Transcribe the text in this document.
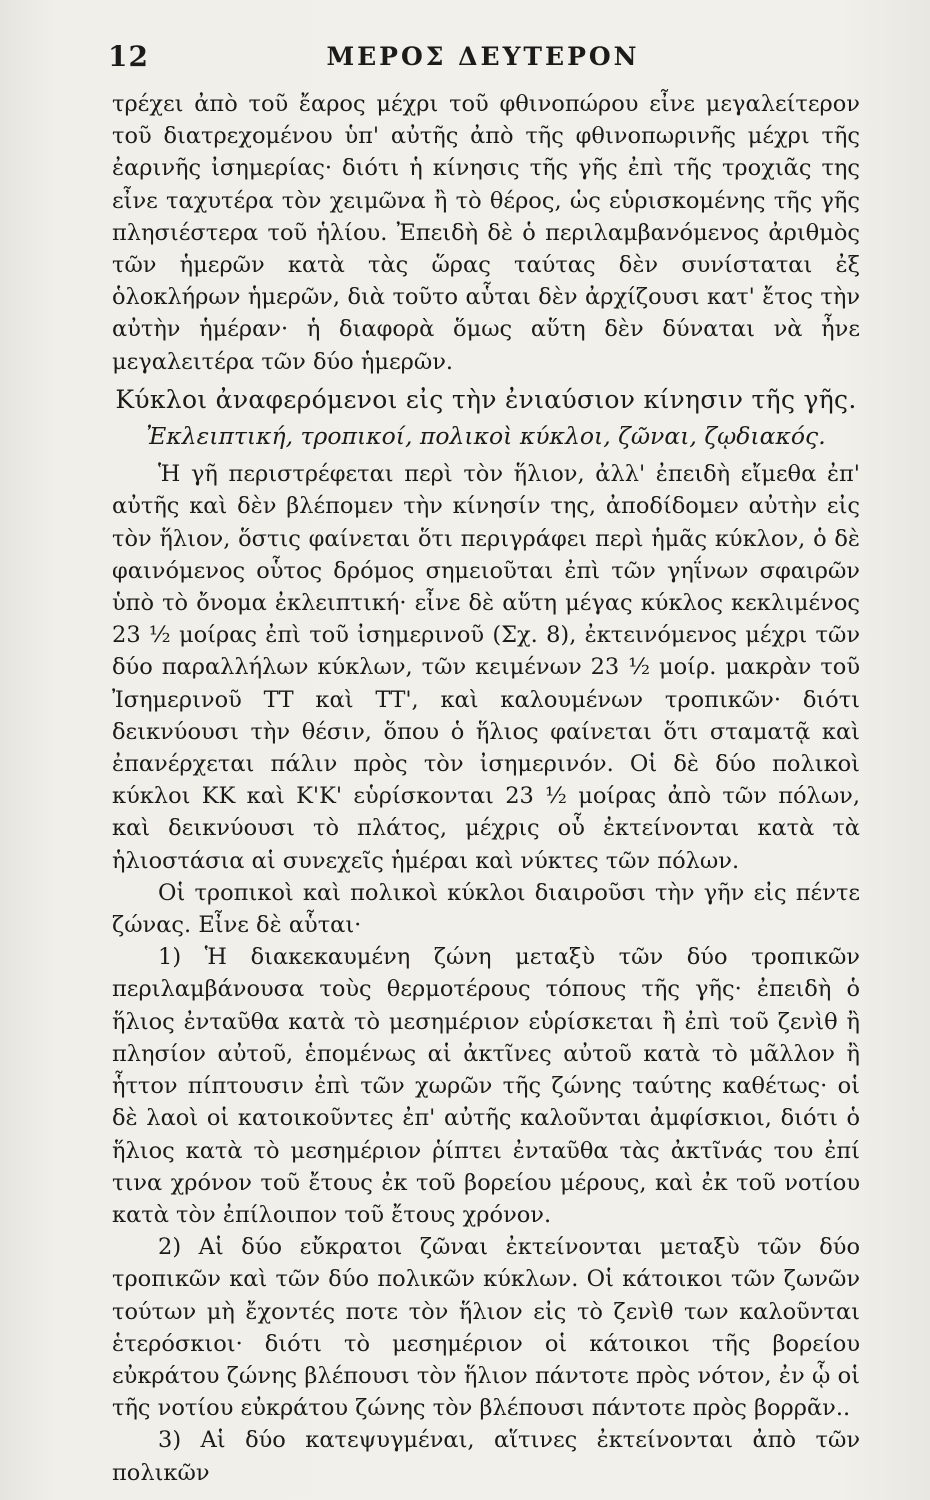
12	ΜΕΡΟΣ ΔΕΥΤΕΡΟΝ

τρέχει ἀπὸ τοῦ ἔαρος μέχρι τοῦ φθινοπώρου εἶνε μεγαλείτερον τοῦ διατρεχομένου ὑπ' αὐτῆς ἀπὸ τῆς φθινοπωρινῆς μέχρι τῆς ἐαρινῆς ἰσημερίας· διότι ἡ κίνησις τῆς γῆς ἐπὶ τῆς τροχιᾶς της εἶνε ταχυτέρα τὸν χειμῶνα ἢ τὸ θέρος, ὡς εὑρισκομένης τῆς γῆς πλησιέστερα τοῦ ἡλίου. Ἐπειδὴ δὲ ὁ περιλαμβανόμενος ἀριθμὸς τῶν ἡμερῶν κατὰ τὰς ὥρας ταύτας δὲν συνίσταται ἐξ ὁλοκλήρων ἡμερῶν, διὰ τοῦτο αὗται δὲν ἀρχίζουσι κατ' ἔτος τὴν αὐτὴν ἡμέραν· ἡ διαφορὰ ὅμως αὕτη δὲν δύναται νὰ ἦνε μεγαλειτέρα τῶν δύο ἡμερῶν.

Κύκλοι ἀναφερόμενοι εἰς τὴν ἐνιαύσιον κίνησιν τῆς γῆς.
Ἐκλειπτική, τροπικοί, πολικοὶ κύκλοι, ζῶναι, ζῳδιακός.

Ἡ γῆ περιστρέφεται περὶ τὸν ἥλιον, ἀλλ' ἐπειδὴ εἴμεθα ἐπ' αὐτῆς καὶ δὲν βλέπομεν τὴν κίνησίν της, ἀποδίδομεν αὐτὴν εἰς τὸν ἥλιον, ὅστις φαίνεται ὅτι περιγράφει περὶ ἡμᾶς κύκλον, ὁ δὲ φαινόμενος οὗτος δρόμος σημειοῦται ἐπὶ τῶν γηΐνων σφαιρῶν ὑπὸ τὸ ὄνομα ἐκλειπτική· εἶνε δὲ αὕτη μέγας κύκλος κεκλιμένος 23 ½ μοίρας ἐπὶ τοῦ ἰσημερινοῦ (Σχ. 8), ἐκτεινόμενος μέχρι τῶν δύο παραλλήλων κύκλων, τῶν κειμένων 23 ½ μοίρ. μακρὰν τοῦ Ἰσημερινοῦ ΤΤ καὶ ΤΤ', καὶ καλουμένων τροπικῶν· διότι δεικνύουσι τὴν θέσιν, ὅπου ὁ ἥλιος φαίνεται ὅτι σταματᾷ καὶ ἐπανέρχεται πάλιν πρὸς τὸν ἰσημερινόν. Οἱ δὲ δύο πολικοὶ κύκλοι ΚΚ καὶ Κ'Κ' εὑρίσκονται 23 ½ μοίρας ἀπὸ τῶν πόλων, καὶ δεικνύουσι τὸ πλάτος, μέχρις οὗ ἐκτείνονται κατὰ τὰ ἡλιοστάσια αἱ συνεχεῖς ἡμέραι καὶ νύκτες τῶν πόλων.

Οἱ τροπικοὶ καὶ πολικοὶ κύκλοι διαιροῦσι τὴν γῆν εἰς πέντε ζώνας. Εἶνε δὲ αὗται·

1) Ἡ διακεκαυμένη ζώνη μεταξὺ τῶν δύο τροπικῶν περιλαμβάνουσα τοὺς θερμοτέρους τόπους τῆς γῆς· ἐπειδὴ ὁ ἥλιος ἐνταῦθα κατὰ τὸ μεσημέριον εὑρίσκεται ἢ ἐπὶ τοῦ ζενὶθ ἢ πλησίον αὐτοῦ, ἑπομένως αἱ ἀκτῖνες αὐτοῦ κατὰ τὸ μᾶλλον ἢ ἧττον πίπτουσιν ἐπὶ τῶν χωρῶν τῆς ζώνης ταύτης καθέτως· οἱ δὲ λαοὶ οἱ κατοικοῦντες ἐπ' αὐτῆς καλοῦνται ἀμφίσκιοι, διότι ὁ ἥλιος κατὰ τὸ μεσημέριον ῥίπτει ἐνταῦθα τὰς ἀκτῖνάς του ἐπί τινα χρόνον τοῦ ἔτους ἐκ τοῦ βορείου μέρους, καὶ ἐκ τοῦ νοτίου κατὰ τὸν ἐπίλοιπον τοῦ ἔτους χρόνον.

2) Αἱ δύο εὔκρατοι ζῶναι ἐκτείνονται μεταξὺ τῶν δύο τροπικῶν καὶ τῶν δύο πολικῶν κύκλων. Οἱ κάτοικοι τῶν ζωνῶν τούτων μὴ ἔχοντές ποτε τὸν ἥλιον εἰς τὸ ζενὶθ των καλοῦνται ἑτερόσκιοι· διότι τὸ μεσημέριον οἱ κάτοικοι τῆς βορείου εὐκράτου ζώνης βλέπουσι τὸν ἥλιον πάντοτε πρὸς νότον, ἐν ᾧ οἱ τῆς νοτίου εὐκράτου ζώνης τὸν βλέπουσι πάντοτε πρὸς βορρᾶν..

3) Αἱ δύο κατεψυγμέναι, αἵτινες ἐκτείνονται ἀπὸ τῶν πολικῶν
